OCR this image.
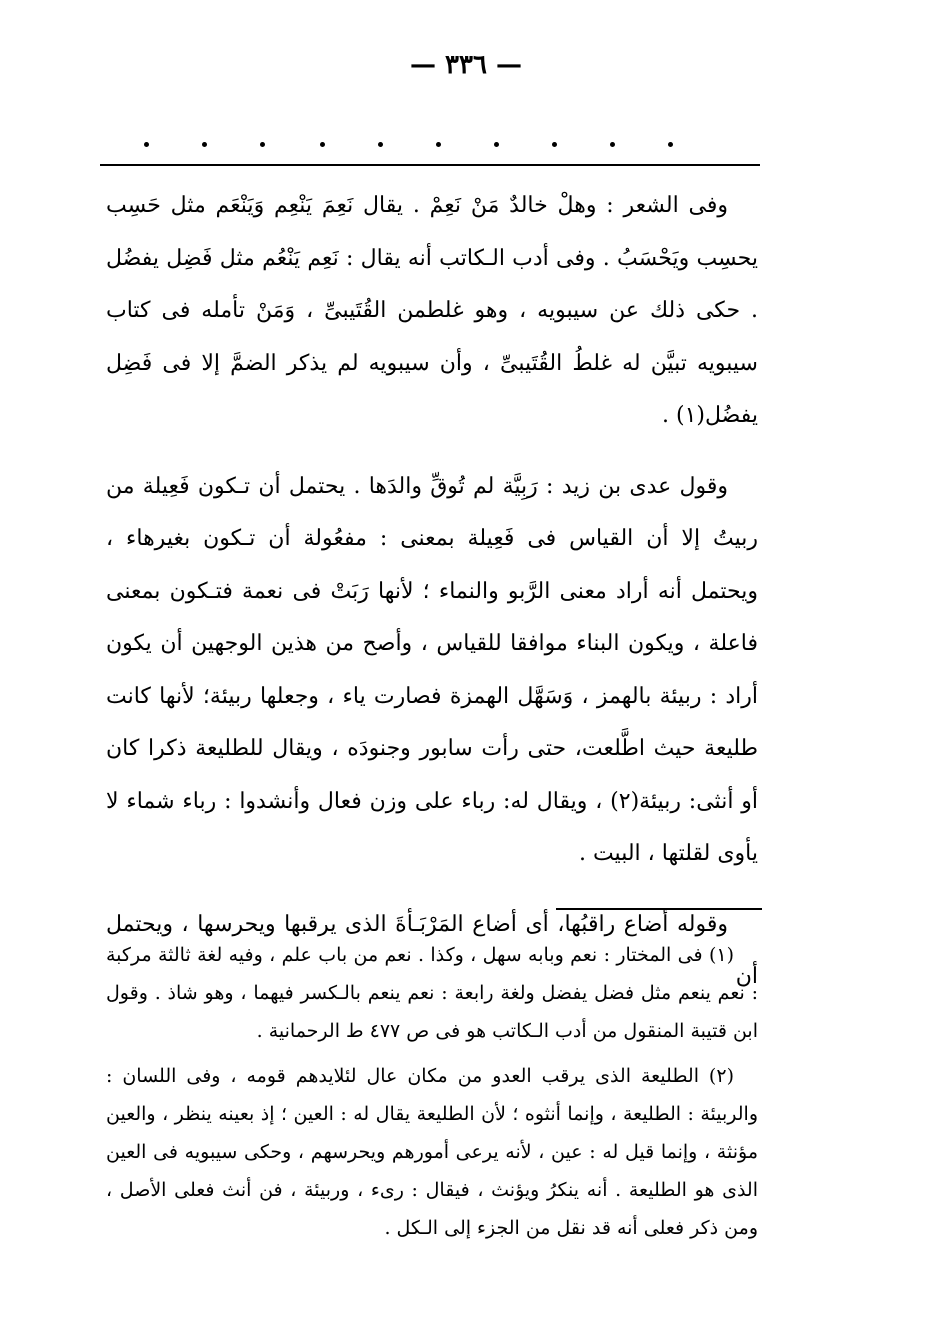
— ٣٣٦ —

وفى الشعر : وهلْ خالدٌ مَنْ نَعِمْ . يقال نَعِمَ يَنْعِم وَيَنْعَم مثل حَسِب يحسِب ويَحْسَبُ . وفى أدب الـكاتب أنه يقال : نَعِم يَنْعُم مثل فَضِل يفضُل . حكى ذلك عن سيبويه ، وهو غلطمن القُتَيبىِّ ، وَمَنْ تأمله فى كتاب سيبويه تبيَّن له غلطُ القُتَيبىِّ ، وأن سيبويه لم يذكر الضمَّ إلا فى فَضِل يفضُل(١) .

وقول عدى بن زيد : رَبِيَّة لم تُوقِّ والدَها . يحتمل أن تـكون فَعِيلة من ربيتُ إلا أن القياس فى فَعِيلة بمعنى : مفعُولة أن تـكون بغيرهاء ، ويحتمل أنه أراد معنى الرَّبو والنماء ؛ لأنها رَبَتْ فى نعمة فتـكون بمعنى فاعلة ، ويكون البناء موافقا للقياس ، وأصح من هذين الوجهين أن يكون أراد : ربيئة بالهمز ، وَسَهَّل الهمزة فصارت ياء ، وجعلها ربيئة؛ لأنها كانت طليعة حيث اطَّلعت، حتى رأت سابور وجنودَه ، ويقال للطليعة ذكرا كان أو أنثى: ربيئة(٢) ، ويقال له: رباء على وزن فعال وأنشدوا : رباء شماء لا يأوى لقلتها ، البيت .

وقوله أضاع راقبُها، أى أضاع المَرْبَـأةَ الذى يرقبها ويحرسها ، ويحتمل أن

(١) فى المختار : نعم وبابه سهل ، وكذا . نعم من باب علم ، وفيه لغة ثالثة مركبة : نعم ينعم مثل فضل يفضل ولغة رابعة : نعم ينعم بالـكسر فيهما ، وهو شاذ . وقول ابن قتيبة المنقول من أدب الـكاتب هو فى ص ٤٧٧ ط الرحمانية .

(٢) الطليعة الذى يرقب العدو من مكان عال لئلايدهم قومه ، وفى اللسان : والربيئة : الطليعة ، وإنما أنثوه ؛ لأن الطليعة يقال له : العين ؛ إذ بعينه ينظر ، والعين مؤنثة ، وإنما قيل له : عين ، لأنه يرعى أمورهم ويحرسهم ، وحكى سيبويه فى العين الذى هو الطليعة . أنه ينكرُ ويؤنث ، فيقال : رىء ، وربيئة ، فن أنث فعلى الأصل ، ومن ذكر فعلى أنه قد نقل من الجزء إلى الـكل .
